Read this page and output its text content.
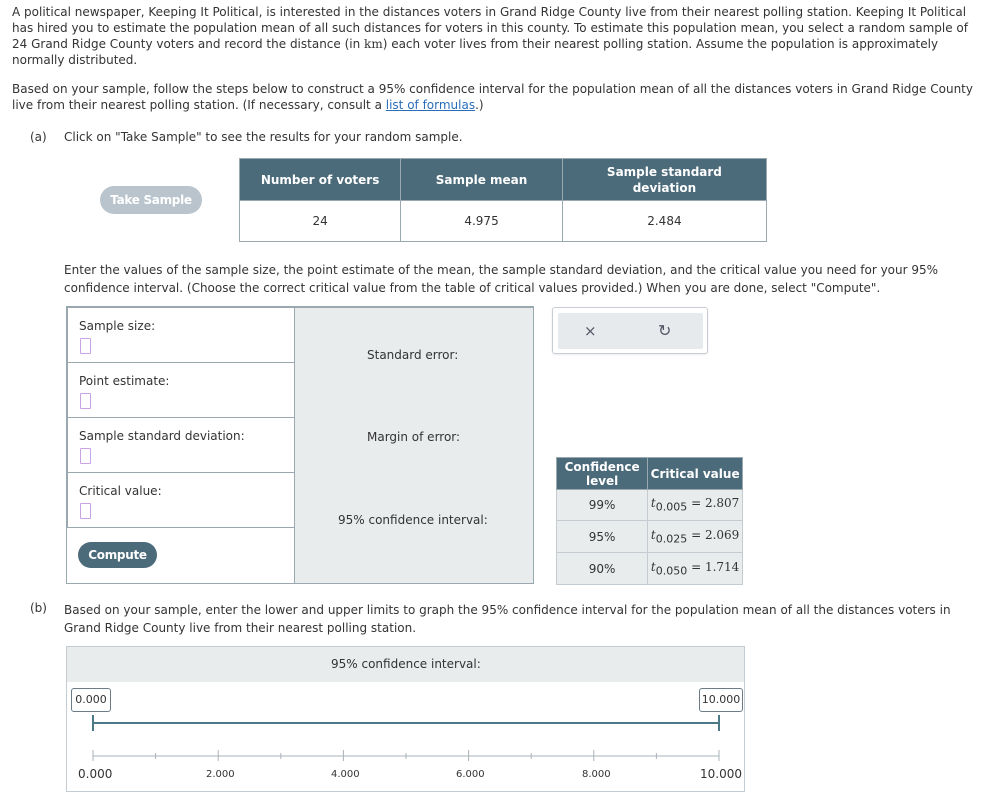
A political newspaper, Keeping It Political, is interested in the distances voters in Grand Ridge County live from their nearest polling station. Keeping It Political has hired you to estimate the population mean of all such distances for voters in this county. To estimate this population mean, you select a random sample of 24 Grand Ridge County voters and record the distance (in km) each voter lives from their nearest polling station. Assume the population is approximately normally distributed.

Based on your sample, follow the steps below to construct a 95% confidence interval for the population mean of all the distances voters in Grand Ridge County live from their nearest polling station. (If necessary, consult a list of formulas.)

(a) Click on "Take Sample" to see the results for your random sample.
Take Sample
Number of voters	Sample mean	Sample standard deviation
24	4.975	2.484
Enter the values of the sample size, the point estimate of the mean, the sample standard deviation, and the critical value you need for your 95% confidence interval. (Choose the correct critical value from the table of critical values provided.) When you are done, select "Compute".
Sample size:
Point estimate:
Sample standard deviation:
Critical value:
Compute
Standard error:
Margin of error:
95% confidence interval:
×	↻
Confidence level	Critical value
99%	$t_{0.005} = 2.807$
95%	$t_{0.025} = 2.069$
90%	$t_{0.050} = 1.714$
(b) Based on your sample, enter the lower and upper limits to graph the 95% confidence interval for the population mean of all the distances voters in Grand Ridge County live from their nearest polling station.
95% confidence interval:
0.000	10.000
0.000	2.000	4.000	6.000	8.000	10.000
